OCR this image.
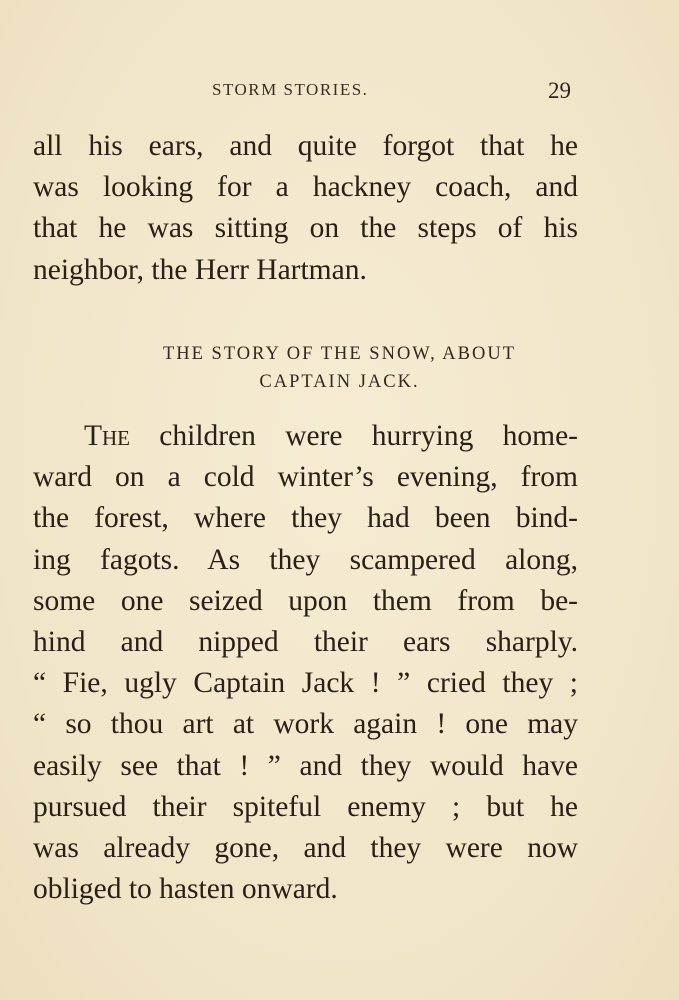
STORM STORIES.	29
all his ears, and quite forgot that he
was looking for a hackney coach, and
that he was sitting on the steps of his
neighbor, the Herr Hartman.
THE STORY OF THE SNOW, ABOUT
CAPTAIN JACK.
The children were hurrying home-
ward on a cold winter’s evening, from
the forest, where they had been bind-
ing fagots. As they scampered along,
some one seized upon them from be-
hind and nipped their ears sharply.
“ Fie, ugly Captain Jack ! ” cried they ;
“ so thou art at work again ! one may
easily see that ! ” and they would have
pursued their spiteful enemy ; but he
was already gone, and they were now
obliged to hasten onward.
